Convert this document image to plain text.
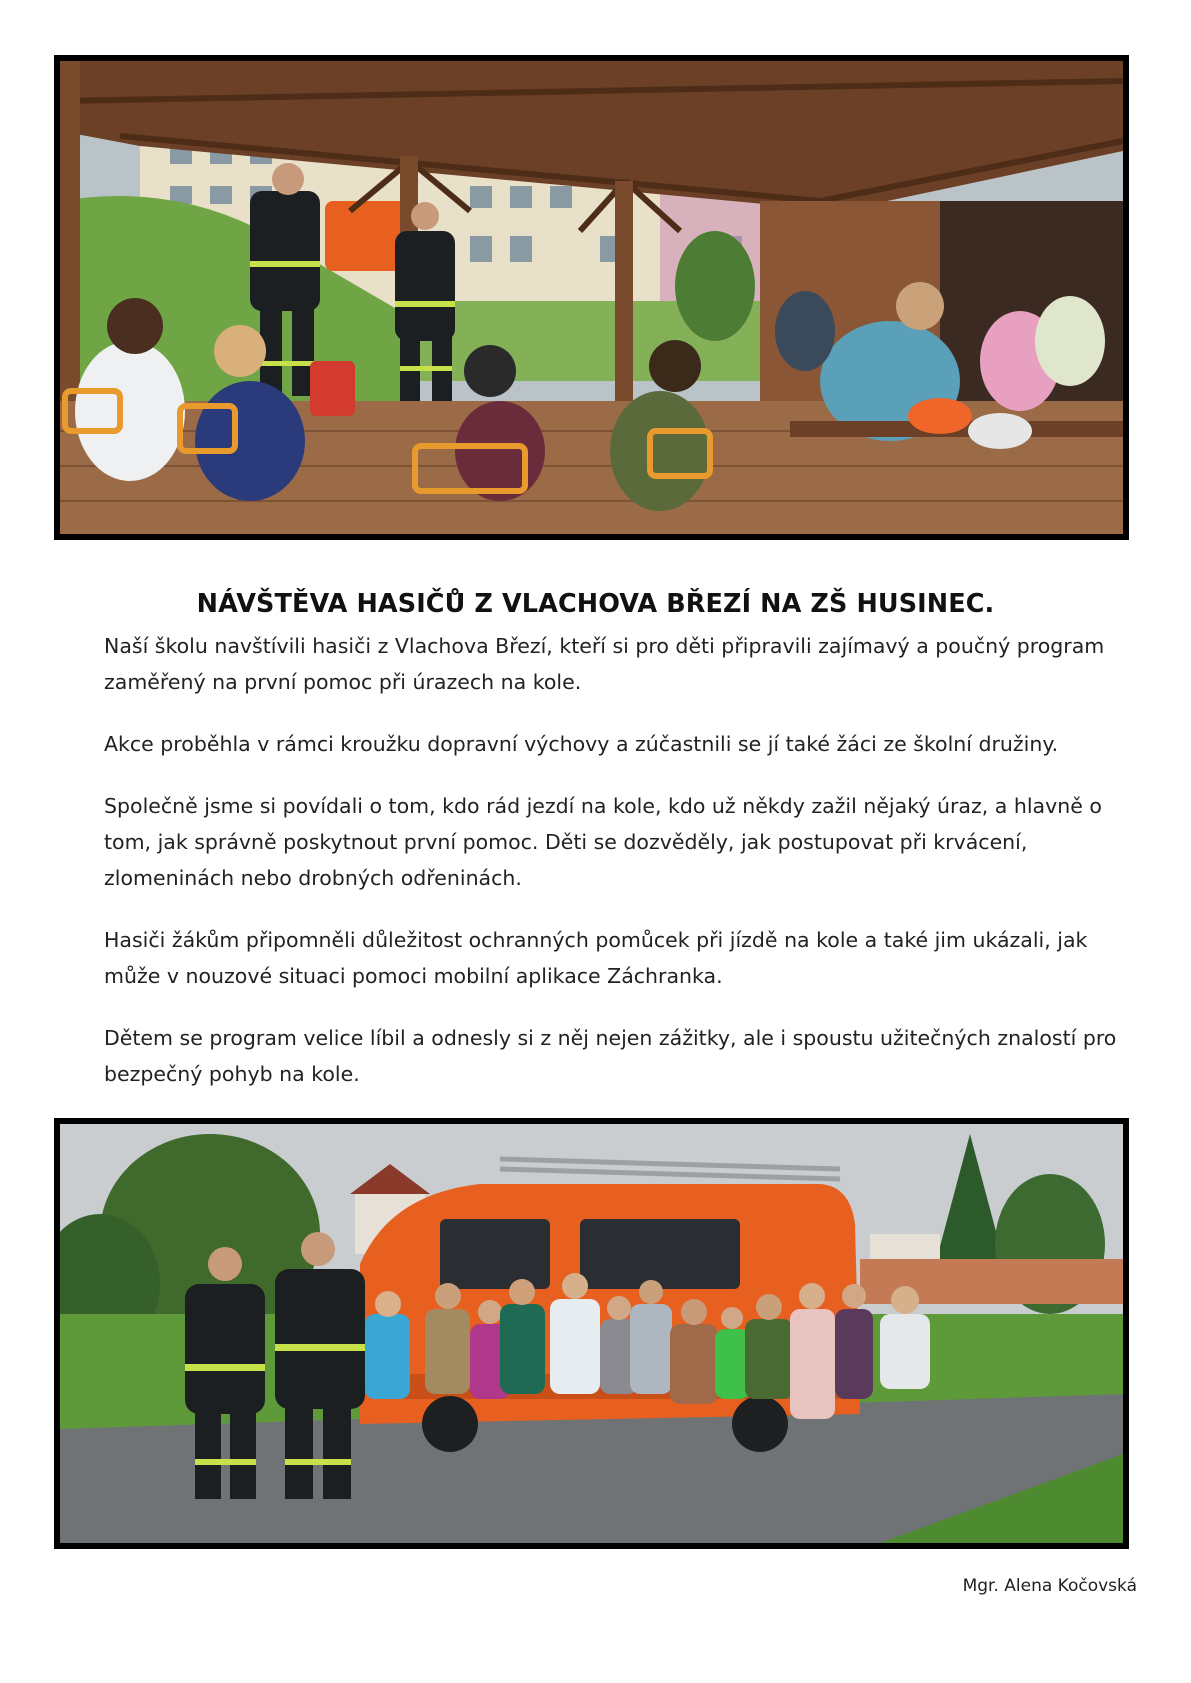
NÁVŠTĚVA HASIČŮ Z VLACHOVA BŘEZÍ NA ZŠ HUSINEC.

Naší školu navštívili hasiči z Vlachova Březí, kteří si pro děti připravili zajímavý a poučný program zaměřený na první pomoc při úrazech na kole.

Akce proběhla v rámci kroužku dopravní výchovy a zúčastnili se jí také žáci ze školní družiny.

Společně jsme si povídali o tom, kdo rád jezdí na kole, kdo už někdy zažil nějaký úraz, a hlavně o tom, jak správně poskytnout první pomoc. Děti se dozvěděly, jak postupovat při krvácení, zlomeninách nebo drobných odřeninách.

Hasiči žákům připomněli důležitost ochranných pomůcek při jízdě na kole a také jim ukázali, jak může v nouzové situaci pomoci mobilní aplikace Záchranka.

Dětem se program velice líbil a odnesly si z něj nejen zážitky, ale i spoustu užitečných znalostí pro bezpečný pohyb na kole.

Mgr. Alena Kočovská
